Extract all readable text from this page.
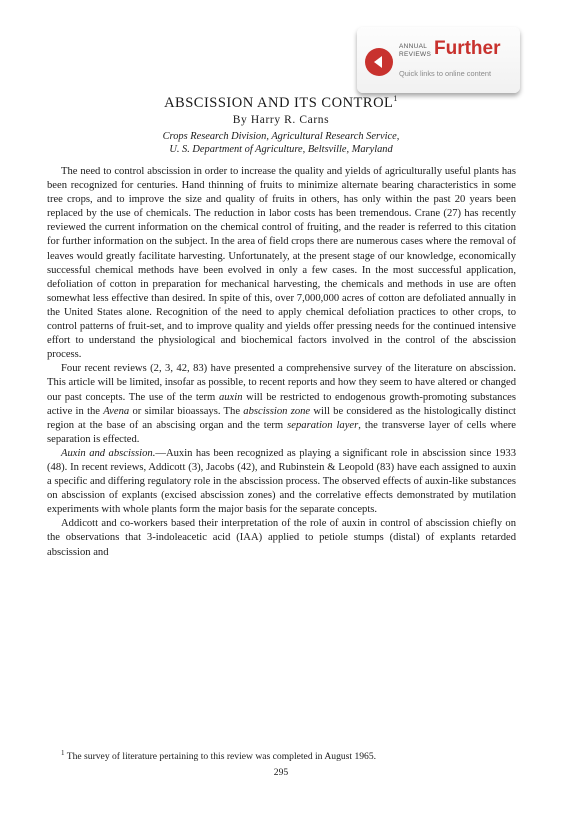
ANNUAL
REVIEWS Further
Quick links to online content
ABSCISSION AND ITS CONTROL$^1$
By Harry R. Carns
Crops Research Division, Agricultural Research Service,
U. S. Department of Agriculture, Beltsville, Maryland

The need to control abscission in order to increase the quality and yields of agriculturally useful plants has been recognized for centuries. Hand thinning of fruits to minimize alternate bearing characteristics in some tree crops, and to improve the size and quality of fruits in others, has only within the past 20 years been replaced by the use of chemicals. The reduction in labor costs has been tremendous. Crane (27) has recently reviewed the current information on the chemical control of fruiting, and the reader is referred to this citation for further information on the subject. In the area of field crops there are numerous cases where the removal of leaves would greatly facilitate harvesting. Unfortunately, at the present stage of our knowledge, economically successful chemical methods have been evolved in only a few cases. In the most successful application, defoliation of cotton in preparation for mechanical harvesting, the chemicals and methods in use are often somewhat less effective than desired. In spite of this, over 7,000,000 acres of cotton are defoliated annually in the United States alone. Recognition of the need to apply chemical defoliation practices to other crops, to control patterns of fruit-set, and to improve quality and yields offer pressing needs for the continued intensive effort to understand the physiological and biochemical factors involved in the control of the abscission process.

Four recent reviews (2, 3, 42, 83) have presented a comprehensive survey of the literature on abscission. This article will be limited, insofar as possible, to recent reports and how they seem to have altered or changed our past concepts. The use of the term auxin will be restricted to endogenous growth-promoting substances active in the Avena or similar bioassays. The abscission zone will be considered as the histologically distinct region at the base of an abscising organ and the term separation layer, the transverse layer of cells where separation is effected.

Auxin and abscission.—Auxin has been recognized as playing a significant role in abscission since 1933 (48). In recent reviews, Addicott (3), Jacobs (42), and Rubinstein & Leopold (83) have each assigned to auxin a specific and differing regulatory role in the abscission process. The observed effects of auxin-like substances on abscission of explants (excised abscission zones) and the correlative effects demonstrated by mutilation experiments with whole plants form the major basis for the separate concepts.

Addicott and co-workers based their interpretation of the role of auxin in control of abscission chiefly on the observations that 3-indoleacetic acid (IAA) applied to petiole stumps (distal) of explants retarded abscission and

$^1$ The survey of literature pertaining to this review was completed in August 1965.
295
